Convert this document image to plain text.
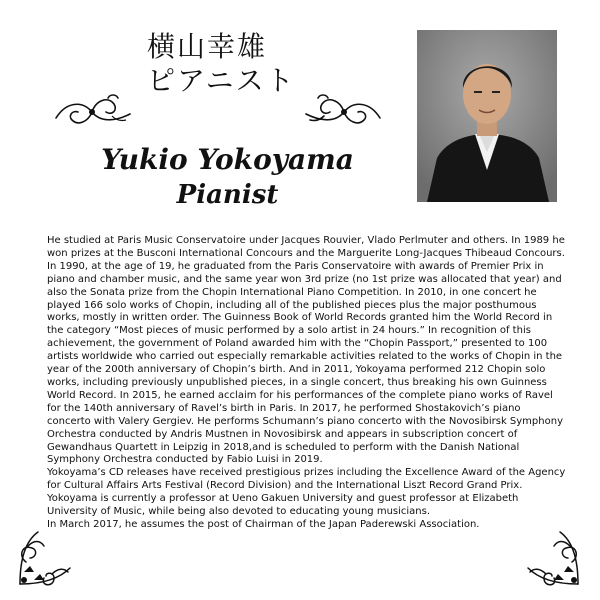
横山幸雄
ピアニスト
Yukio Yokoyama
Pianist

He studied at Paris Music Conservatoire under Jacques Rouvier, Vlado Perlmuter and others. In 1989 he won prizes at the Busconi International Concours and the Marguerite Long-Jacques Thibeaud Concours. In 1990, at the age of 19, he graduated from the Paris Conservatoire with awards of Premier Prix in piano and chamber music, and the same year won 3rd prize (no 1st prize was allocated that year) and also the Sonata prize from the Chopin International Piano Competition. In 2010, in one concert he played 166 solo works of Chopin, including all of the published pieces plus the major posthumous works, mostly in written order. The Guinness Book of World Records granted him the World Record in the category “Most pieces of music performed by a solo artist in 24 hours.” In recognition of this achievement, the government of Poland awarded him with the “Chopin Passport,” presented to 100 artists worldwide who carried out especially remarkable activities related to the works of Chopin in the year of the 200th anniversary of Chopin’s birth. And in 2011, Yokoyama performed 212 Chopin solo works, including previously unpublished pieces, in a single concert, thus breaking his own Guinness World Record. In 2015, he earned acclaim for his performances of the complete piano works of Ravel for the 140th anniversary of Ravel’s birth in Paris. In 2017, he performed Shostakovich’s piano concerto with Valery Gergiev. He performs Schumann’s piano concerto with the Novosibirsk Symphony Orchestra conducted by Andris Mustnen in Novosibirsk and appears in subscription concert of Gewandhaus Quartett in Leipzig in 2018,and is scheduled to perform with the Danish National Symphony Orchestra conducted by Fabio Luisi in 2019.

Yokoyama’s CD releases have received prestigious prizes including the Excellence Award of the Agency for Cultural Affairs Arts Festival (Record Division) and the International Liszt Record Grand Prix. Yokoyama is currently a professor at Ueno Gakuen University and guest professor at Elizabeth University of Music, while being also devoted to educating young musicians.

In March 2017, he assumes the post of Chairman of the Japan Paderewski Association.
